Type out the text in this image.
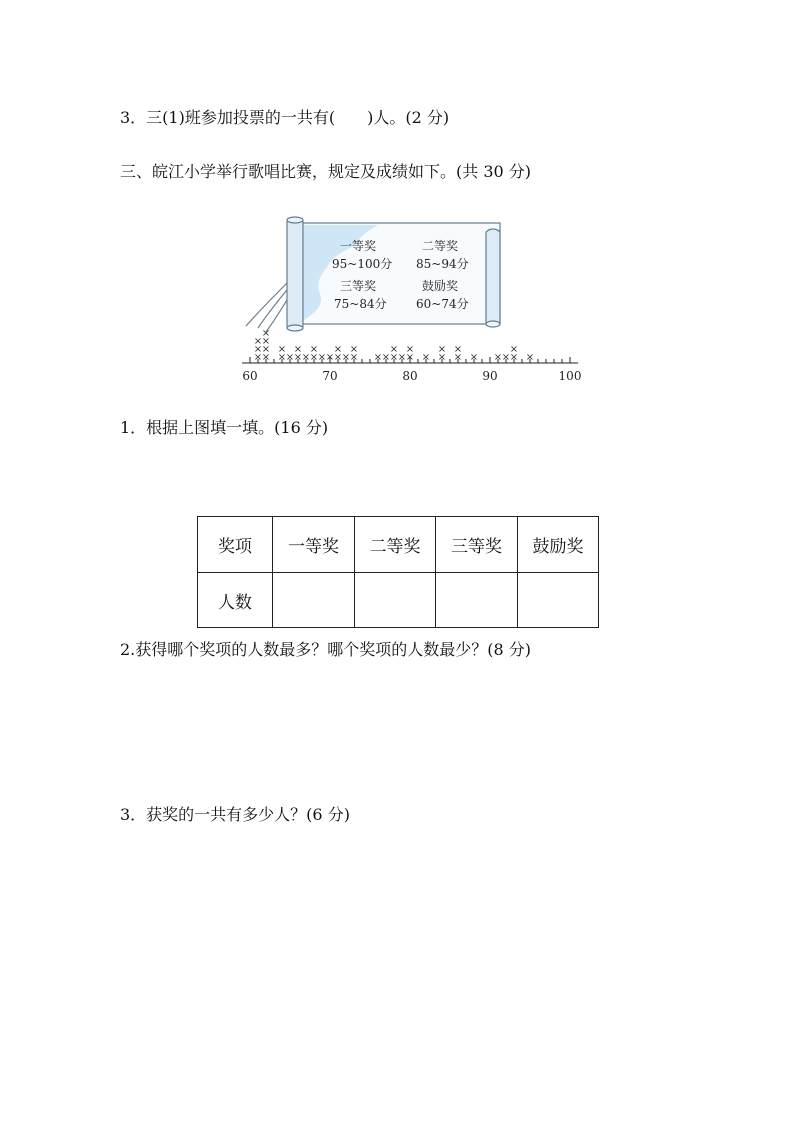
3．三(1)班参加投票的一共有(　　)人。(2 分)
三、皖江小学举行歌唱比赛，规定及成绩如下。(共 30 分)
一等奖
95~100分
二等奖
85~94分
三等奖
75~84分
鼓励奖
60~74分
×
×
×
×
×
×
×
×
×
× ×
×
× ×
×
× × ×
×
× ×
×
× × ×
×
× ×
×
× ×
×
×
×
× × × ×
×
×
60	70	80	90	100
1．根据上图填一填。(16 分)
奖项	一等奖	二等奖	三等奖	鼓励奖
人数				
2.获得哪个奖项的人数最多？哪个奖项的人数最少？(8 分)
3．获奖的一共有多少人？(6 分)
